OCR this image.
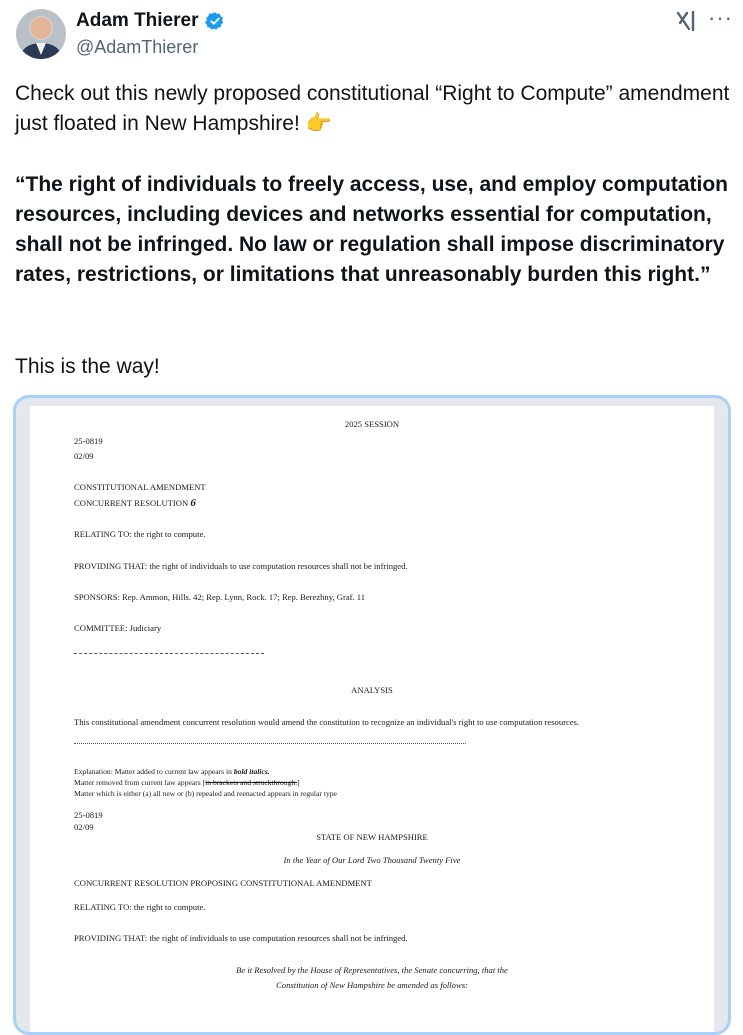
Adam Thierer
@AdamThierer
···
Check out this newly proposed constitutional “Right to Compute” amendment just floated in New Hampshire! 👉
“The right of individuals to freely access, use, and employ computation resources, including devices and networks essential for computation, shall not be infringed. No law or regulation shall impose discriminatory rates, restrictions, or limitations that unreasonably burden this right.”
This is the way!
2025 SESSION
25-0819
02/09
CONSTITUTIONAL AMENDMENT
CONCURRENT RESOLUTION 6
RELATING TO: the right to compute.
PROVIDING THAT: the right of individuals to use computation resources shall not be infringed.
SPONSORS: Rep. Ammon, Hills. 42; Rep. Lynn, Rock. 17; Rep. Berezhny, Graf. 11
COMMITTEE: Judiciary
ANALYSIS
This constitutional amendment concurrent resolution would amend the constitution to recognize an individual's right to use computation resources.
Explanation: Matter added to current law appears in bold italics.
Matter removed from current law appears [in brackets and struckthrough.]
Matter which is either (a) all new or (b) repealed and reenacted appears in regular type
25-0819
02/09
STATE OF NEW HAMPSHIRE
In the Year of Our Lord Two Thousand Twenty Five
CONCURRENT RESOLUTION PROPOSING CONSTITUTIONAL AMENDMENT
RELATING TO: the right to compute.
PROVIDING THAT: the right of individuals to use computation resources shall not be infringed.
Be it Resolved by the House of Representatives, the Senate concurring, that the
Constitution of New Hampshire be amended as follows:
